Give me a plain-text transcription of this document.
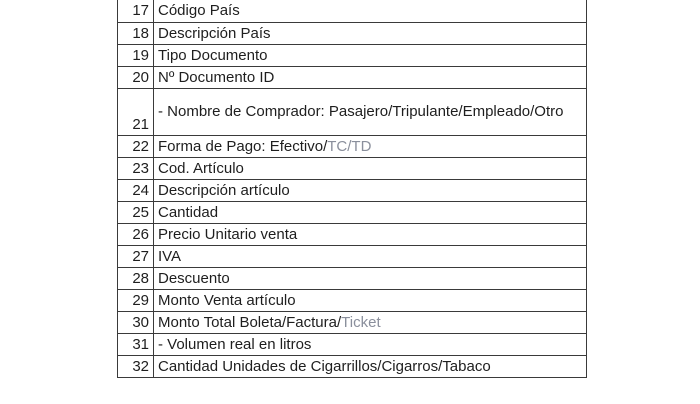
17	Código País
18	Descripción País
19	Tipo Documento
20	Nº Documento ID
21	- Nombre de Comprador: Pasajero/Tripulante/Empleado/Otro
22	Forma de Pago: Efectivo/TC/TD
23	Cod. Artículo
24	Descripción artículo
25	Cantidad
26	Precio Unitario venta
27	IVA
28	Descuento
29	Monto Venta artículo
30	Monto Total Boleta/Factura/Ticket
31	- Volumen real en litros
32	Cantidad Unidades de Cigarrillos/Cigarros/Tabaco
